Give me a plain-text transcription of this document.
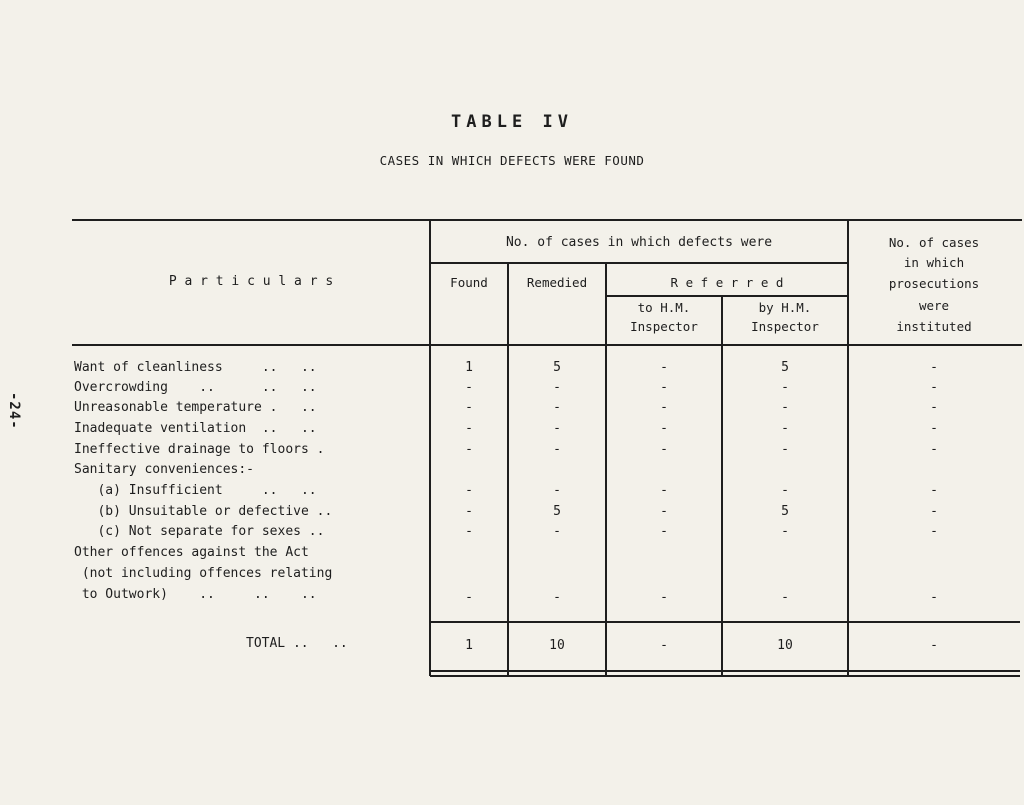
-24-
TABLE IV
CASES IN WHICH DEFECTS WERE FOUND
P a r t i c u l a r s
No. of cases in which defects were
Found	Remedied	R e f e r r e d
to H.M.
Inspector
by H.M.
Inspector
No. of cases
in which
prosecutions
were
instituted
Want of cleanliness     ..   ..	1	5	-	5	-
Overcrowding    ..      ..   ..	-	-	-	-	-
Unreasonable temperature .   ..	-	-	-	-	-
Inadequate ventilation  ..   ..	-	-	-	-	-
Ineffective drainage to floors .	-	-	-	-	-
Sanitary conveniences:-
(a) Insufficient     ..   ..	-	-	-	-	-
(b) Unsuitable or defective ..	-	5	-	5	-
(c) Not separate for sexes ..	-	-	-	-	-
Other offences against the Act
(not including offences relating
to Outwork)    ..     ..    ..	-	-	-	-	-
TOTAL ..   ..	1	10	-	10	-
